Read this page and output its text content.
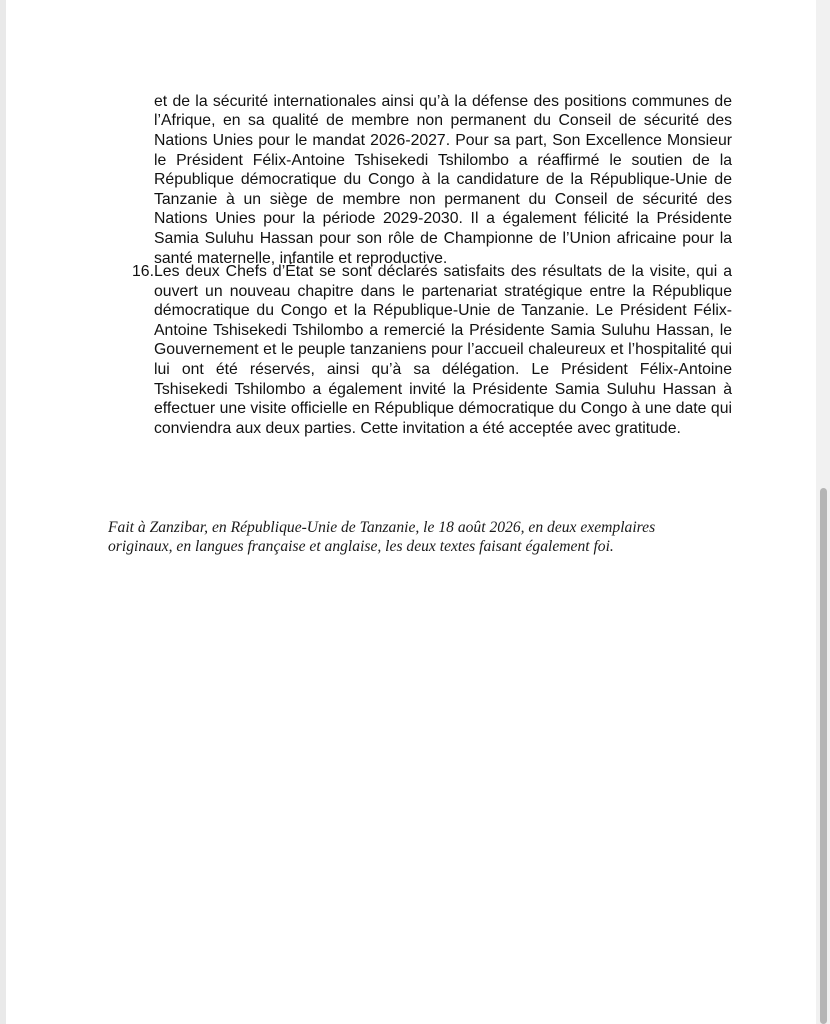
et de la sécurité internationales ainsi qu’à la défense des positions communes de l’Afrique, en sa qualité de membre non permanent du Conseil de sécurité des Nations Unies pour le mandat 2026-2027. Pour sa part, Son Excellence Monsieur le Président Félix-Antoine Tshisekedi Tshilombo a réaffirmé le soutien de la République démocratique du Congo à la candidature de la République-Unie de Tanzanie à un siège de membre non permanent du Conseil de sécurité des Nations Unies pour la période 2029-2030. Il a également félicité la Présidente Samia Suluhu Hassan pour son rôle de Championne de l’Union africaine pour la santé maternelle, infantile et reproductive.

16. Les deux Chefs d’État se sont déclarés satisfaits des résultats de la visite, qui a ouvert un nouveau chapitre dans le partenariat stratégique entre la République démocratique du Congo et la République-Unie de Tanzanie. Le Président Félix-Antoine Tshisekedi Tshilombo a remercié la Présidente Samia Suluhu Hassan, le Gouvernement et le peuple tanzaniens pour l’accueil chaleureux et l’hospitalité qui lui ont été réservés, ainsi qu’à sa délégation. Le Président Félix-Antoine Tshisekedi Tshilombo a également invité la Présidente Samia Suluhu Hassan à effectuer une visite officielle en République démocratique du Congo à une date qui conviendra aux deux parties. Cette invitation a été acceptée avec gratitude.

Fait à Zanzibar, en République-Unie de Tanzanie, le 18 août 2026, en deux exemplaires originaux, en langues française et anglaise, les deux textes faisant également foi.
